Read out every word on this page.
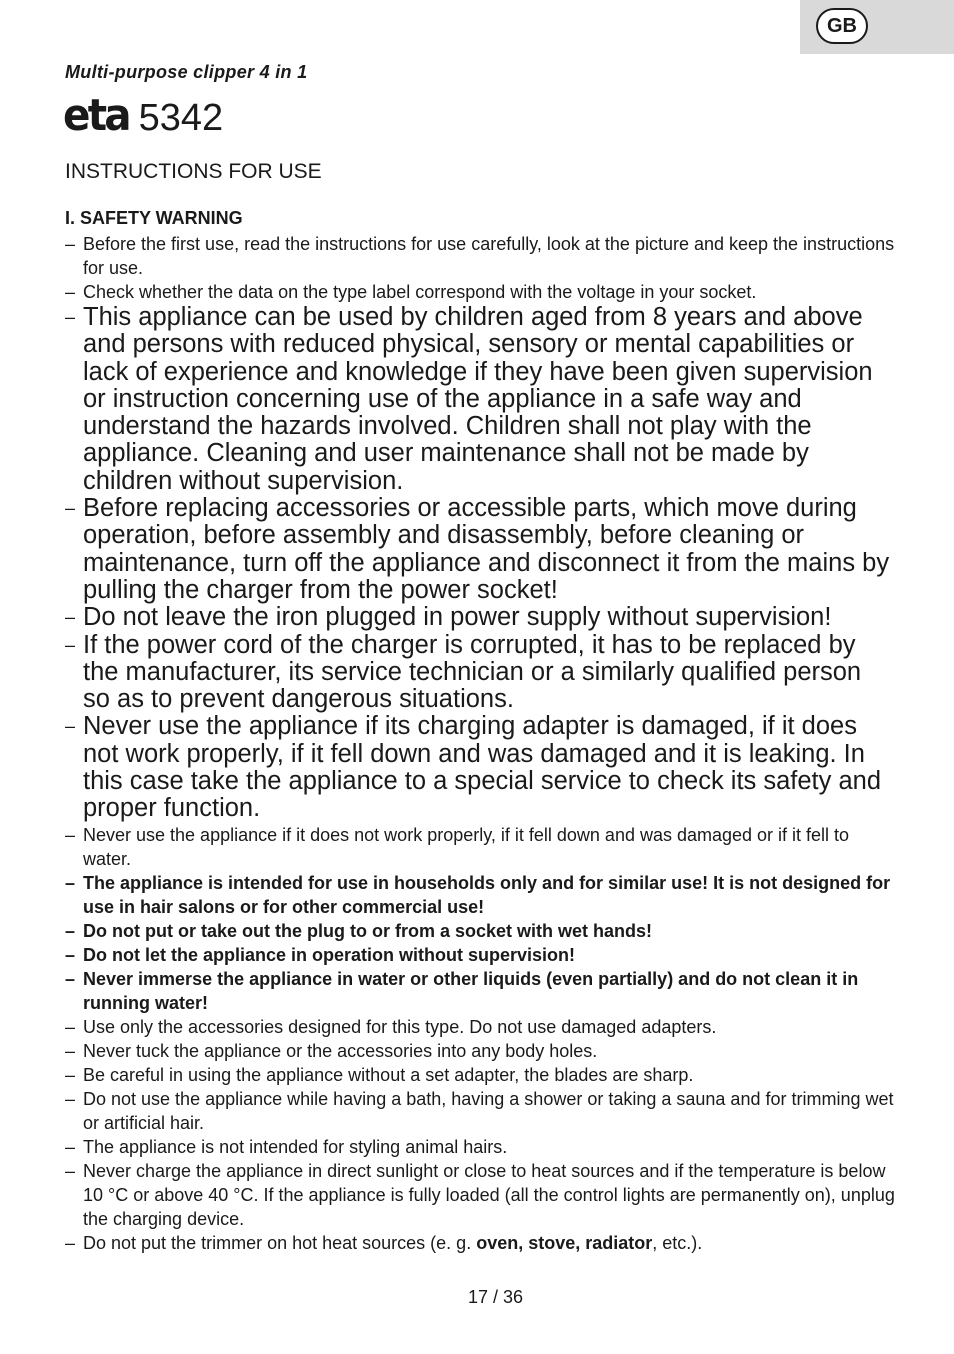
GB
Multi-purpose clipper 4 in 1
eta 5342
INSTRUCTIONS FOR USE
I. SAFETY WARNING
– Before the first use, read the instructions for use carefully, look at the picture and keep the instructions for use.
– Check whether the data on the type label correspond with the voltage in your socket.
– This appliance can be used by children aged from 8 years and above and persons with reduced physical, sensory or mental capabilities or lack of experience and knowledge if they have been given supervision or instruction concerning use of the appliance in a safe way and understand the hazards involved. Children shall not play with the appliance. Cleaning and user maintenance shall not be made by children without supervision.
– Before replacing accessories or accessible parts, which move during operation, before assembly and disassembly, before cleaning or maintenance, turn off the appliance and disconnect it from the mains by pulling the charger from the power socket!
– Do not leave the iron plugged in power supply without supervision!
– If the power cord of the charger is corrupted, it has to be replaced by the manufacturer, its service technician or a similarly qualified person so as to prevent dangerous situations.
– Never use the appliance if its charging adapter is damaged, if it does not work properly, if it fell down and was damaged and it is leaking. In this case take the appliance to a special service to check its safety and proper function.
– Never use the appliance if it does not work properly, if it fell down and was damaged or if it fell to water.
– The appliance is intended for use in households only and for similar use! It is not designed for use in hair salons or for other commercial use!
– Do not put or take out the plug to or from a socket with wet hands!
– Do not let the appliance in operation without supervision!
– Never immerse the appliance in water or other liquids (even partially) and do not clean it in running water!
– Use only the accessories designed for this type. Do not use damaged adapters.
– Never tuck the appliance or the accessories into any body holes.
– Be careful in using the appliance without a set adapter, the blades are sharp.
– Do not use the appliance while having a bath, having a shower or taking a sauna and for trimming wet or artificial hair.
– The appliance is not intended for styling animal hairs.
– Never charge the appliance in direct sunlight or close to heat sources and if the temperature is below 10 °C or above 40 °C. If the appliance is fully loaded (all the control lights are permanently on), unplug the charging device.
– Do not put the trimmer on hot heat sources (e. g. oven, stove, radiator, etc.).
17 / 36
